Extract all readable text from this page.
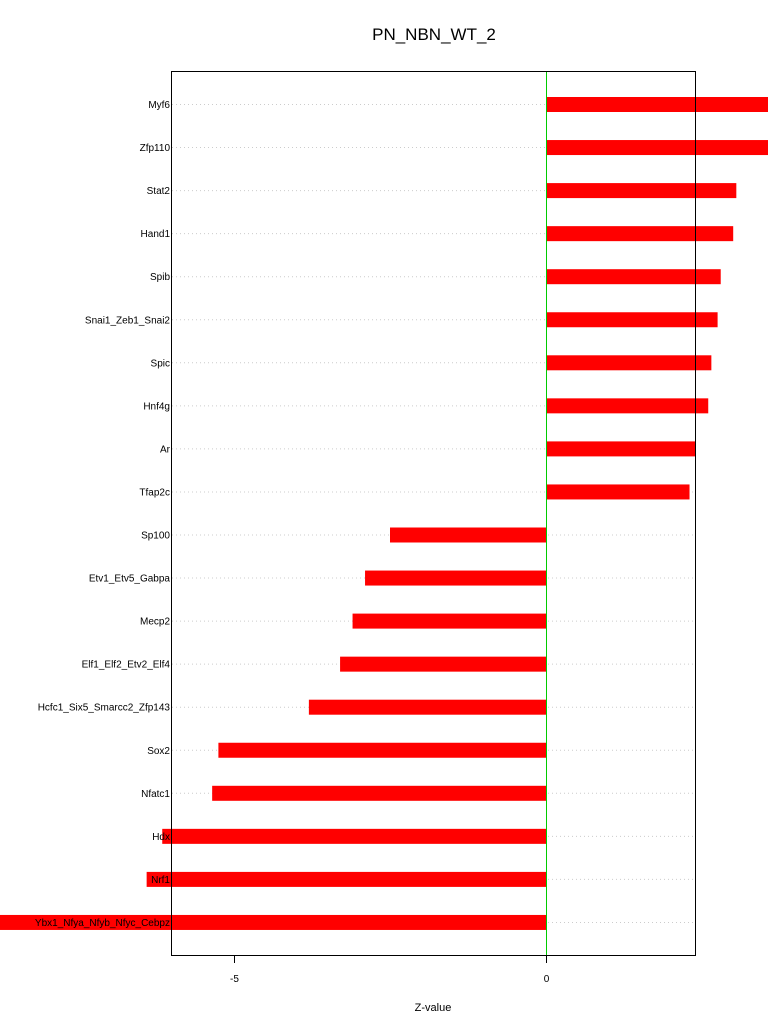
PN_NBN_WT_2
Myf6
Zfp110
Stat2
Hand1
Spib
Snai1_Zeb1_Snai2
Spic
Hnf4g
Ar
Tfap2c
Sp100
Etv1_Etv5_Gabpa
Mecp2
Elf1_Elf2_Etv2_Elf4
Hcfc1_Six5_Smarcc2_Zfp143
Sox2
Nfatc1
Hdx
Nrf1
Ybx1_Nfya_Nfyb_Nfyc_Cebpz
-5	0
Z-value
